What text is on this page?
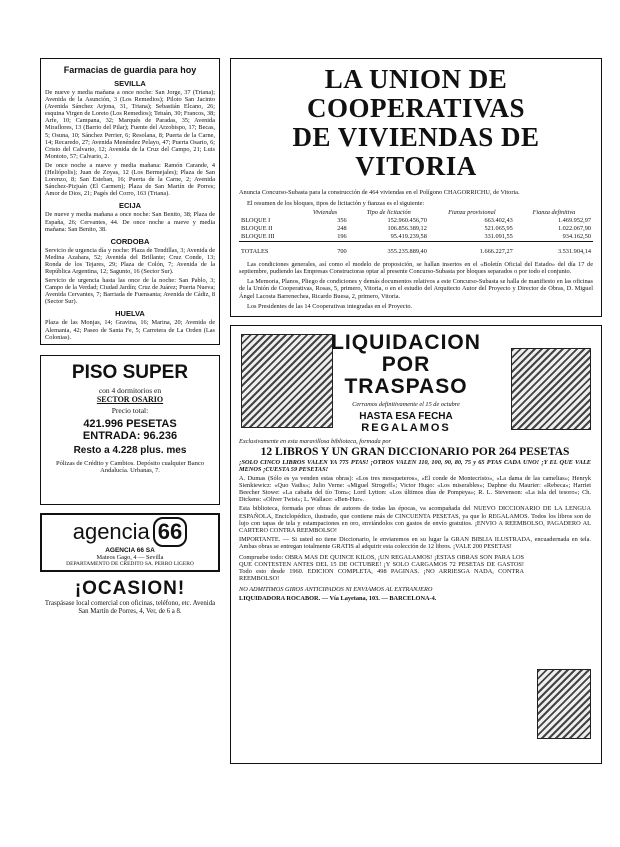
Farmacias de guardia para hoy
SEVILLA
De nueve y media mañana a once noche: San Jorge, 37 (Triana); Avenida de la Asunción, 3 (Los Remedios); Piloto San Jacinto (Avenida Sánchez Arjona, 31, Triana); Sebastián Elcano, 26; esquina Virgen de Loreto (Los Remedios); Tetuán, 30; Francos, 38; Arfe, 10; Campana, 32; Marqués de Paradas, 35; Avenida Miraflores, 13 (Barrio del Pilar); Fuente del Arzobispo, 17; Becas, 5; Osuna, 10; Sánchez Perrier, 6; Resolana, 8; Puerta de la Carne, 14; Recaredo, 27; Avenida Menéndez Pelayo, 47; Puerta Osario, 6; Cristo del Calvario, 12; Avenida de la Cruz del Campo, 21; Luis Montoto, 57; Calvario, 2.
De once noche a nueve y media mañana: Ramón Carande, 4 (Heliópolis); Juan de Zoyas, 12 (Los Bermejales); Plaza de San Lorenzo, 8; San Esteban, 16; Puerta de la Carne, 2; Avenida Sánchez-Pizjuán (El Carmen); Plaza de San Martín de Porres; Amor de Dios, 21; Pagés del Corro, 163 (Triana).
ECIJA
De nueve y media mañana a once noche: San Benito, 38; Plaza de España, 26; Cervantes, 44. De once noche a nueve y media mañana: San Benito, 38.
CORDOBA
Servicio de urgencia día y noche: Plaza de Tendillas, 3; Avenida de Medina Azahara, 52; Avenida del Brillante; Cruz Conde, 13; Ronda de los Tejares, 29; Plaza de Colón, 7; Avenida de la República Argentina, 12; Sagunto, 16 (Sector Sur).
Servicio de urgencia hasta las once de la noche: San Pablo, 3; Campo de la Verdad; Ciudad Jardín; Cruz de Juárez; Puerta Nueva; Avenida Cervantes, 7; Barriada de Fuensanta; Avenida de Cádiz, 8 (Sector Sur).
HUELVA
Plaza de las Monjas, 14; Gravina, 16; Marina, 20; Avenida de Alemania, 42; Paseo de Santa Fe, 5; Carretera de La Orden (Las Colonias).
PISO SUPER
con 4 dormitorios en
SECTOR OSARIO
Precio total:
421.996 PESETAS
ENTRADA: 96.236
Resto a 4.228 plus. mes
Pólizas de Crédito y Cambios. Depósito cualquier Banco Andalucía. Urbanas, 7.
agencia 66
AGENCIA 66 SA
Mateos Gago, 4 — Sevilla
DEPARTAMENTO DE CREDITO SA. PERRO LIGERO
¡OCASION!
Traspásase local comercial con oficinas, teléfono, etc. Avenida San Martín de Porres, 4, Ver, de 6 a 8.
LA UNION DE COOPERATIVAS
DE VIVIENDAS DE VITORIA
Anuncia Concurso-Subasta para la construcción de 464 viviendas en el Polígono CHAGORRICHU, de Vitoria.
El resumen de los bloques, tipos de licitación y fianzas es el siguiente:
	Viviendas	Tipo de licitación	Fianza provisional	Fianza definitiva
BLOQUE I	356	152.960.456,70	663.402,43	1.469.952,97
BLOQUE II	248	106.856.389,12	521.065,95	1.022.067,90
BLOQUE III	196	95.419.239,58	331.091,55	934.162,50
TOTALES	700	355.235.889,40	1.666.227,27	3.531.904,14
Las condiciones generales, así como el modelo de proposición, se hallan insertos en el «Boletín Oficial del Estado» del día 17 de septiembre, pudiendo las Empresas Constructoras optar al presente Concurso-Subasta por bloques separados o por todo el conjunto.
La Memoria, Planos, Pliego de condiciones y demás documentos relativos a este Concurso-Subasta se halla de manifiesto en las oficinas de la Unión de Cooperativas, Rosas, 5, primero, Vitoria, o en el estudio del Arquitecto Autor del Proyecto y Director de Obras, D. Miguel Ángel Lacosta Barrenechea, Ricardo Buesa, 2, primero, Vitoria.
Los Presidentes de las 14 Cooperativas integradas en el Proyecto.
LIQUIDACION
POR TRASPASO
Cerramos definitivamente el 15 de octubre
HASTA ESA FECHA
REGALAMOS
Exclusivamente en esta maravillosa biblioteca, formada por
12 LIBROS Y UN GRAN DICCIONARIO POR 264 PESETAS
¡SOLO CINCO LIBROS VALEN YA 775 PTAS! ¡OTROS VALEN 110, 100, 90, 80, 75 y 65 PTAS CADA UNO! ¡Y EL QUE VALE MENOS ¡CUESTA 59 PESETAS!
A. Dumas (Sólo es ya venden estas obras): «Los tres mosqueteros», «El conde de Montecristo», «La dama de las camelias»; Henryk Sienkiewicz: «Quo Vadis»; Julio Verne: «Miguel Strogoff»; Victor Hugo: «Los miserables»; Daphne du Maurier: «Rebeca»; Harriet Beecher Stowe: «La cabaña del tío Tom»; Lord Lytton: «Los últimos días de Pompeya»; R. L. Stevenson: «La isla del tesoro»; Ch. Dickens: «Oliver Twist»; L. Wallace: «Ben-Hur».
Esta biblioteca, formada por obras de autores de todas las épocas, va acompañada del NUEVO DICCIONARIO DE LA LENGUA ESPAÑOLA, Enciclopédico, ilustrado, que contiene más de CINCUENTA PESETAS, ya que lo REGALAMOS. Todos los libros son de lujo con tapas de tela y estampaciones en oro, enviándolos con gastos de envío gratuitos. ¡ENVIO A REEMBOLSO, PAGADERO AL CARTERO CONTRA REEMBOLSO!
IMPORTANTE. — Si usted no tiene Diccionario, le enviaremos en su lugar la GRAN BIBLIA ILUSTRADA, encuadernada en tela. Ambas obras se entregan totalmente GRATIS al adquirir esta colección de 12 libros. ¡VALE 200 PESETAS!
Compruebe todo: OBRA MAS DE QUINCE KILOS, ¡UN REGALAMOS! ¡ESTAS OBRAS SON PARA LOS QUE CONTESTEN ANTES DEL 15 DE OCTUBRE! ¡Y SOLO CARGAMOS 72 PESETAS DE GASTOS! Todo esto desde 1960. EDICION COMPLETA, 498 PAGINAS. ¡NO ARRIESGA NADA, CONTRA REEMBOLSO!
NO ADMITIMOS GIROS ANTICIPADOS NI ENVIAMOS AL EXTRANJERO
LIQUIDADORA ROCABOR. — Vía Layetana, 103. — BARCELONA-4.
